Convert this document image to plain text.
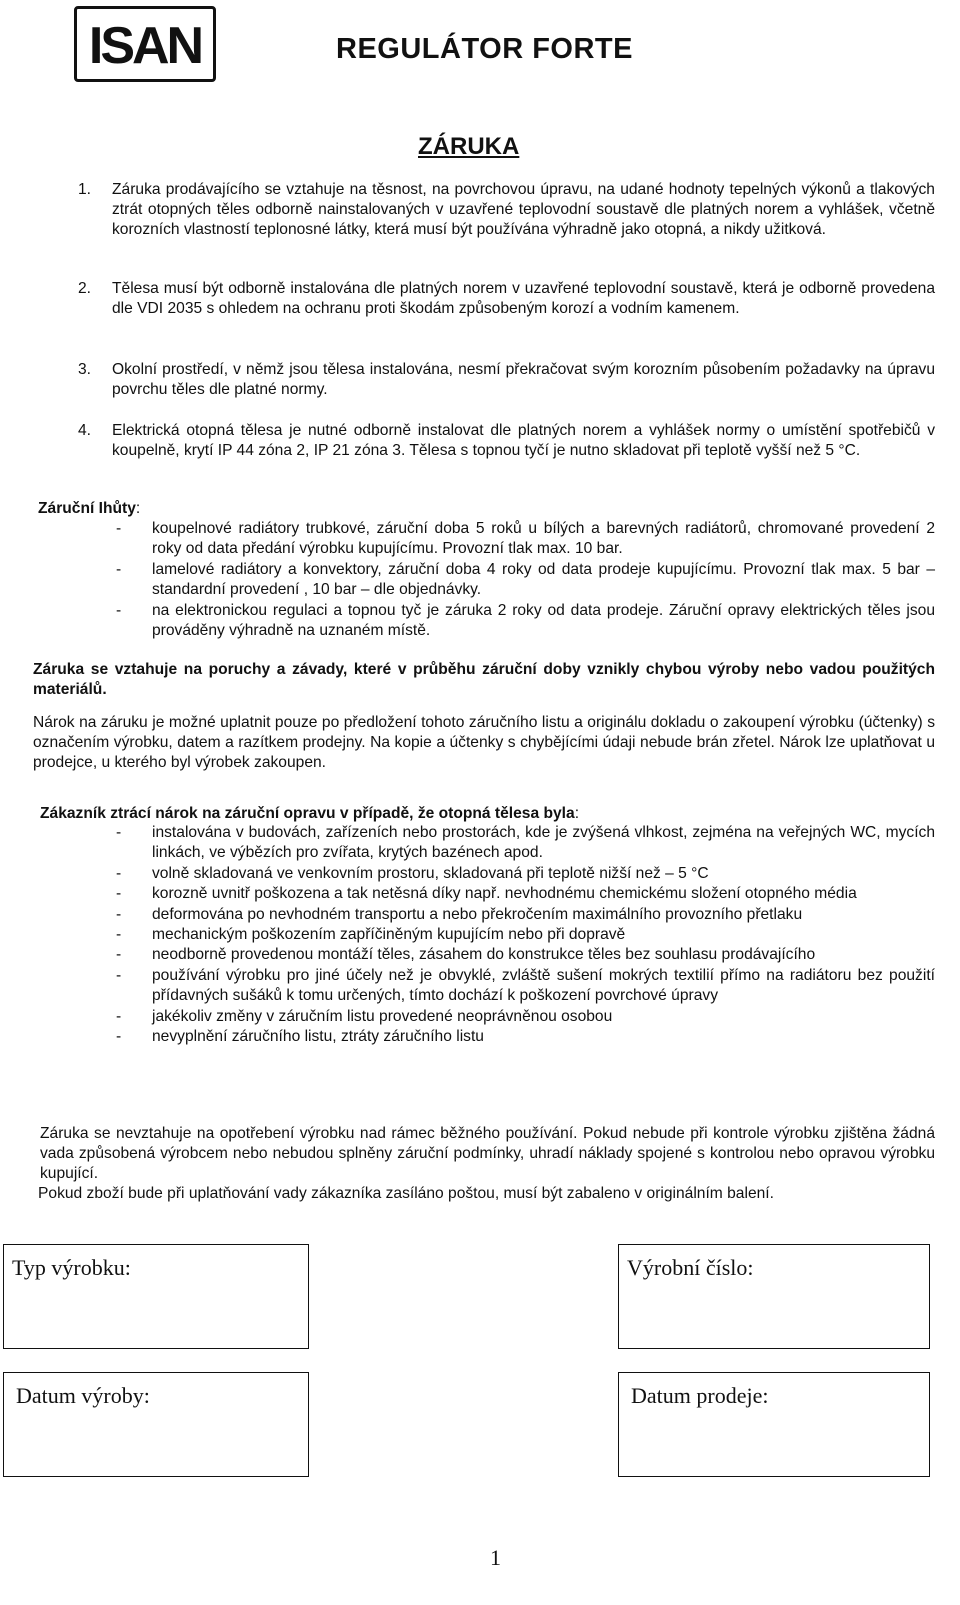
ISAN	REGULÁTOR FORTE
ZÁRUKA
1. Záruka prodávajícího se vztahuje na těsnost, na povrchovou úpravu, na udané hodnoty tepelných výkonů a tlakových ztrát otopných těles odborně nainstalovaných v uzavřené teplovodní soustavě dle platných norem a vyhlášek, včetně korozních vlastností teplonosné látky, která musí být používána výhradně jako otopná, a nikdy užitková.
2. Tělesa musí být odborně instalována dle platných norem v uzavřené teplovodní soustavě, která je odborně provedena dle VDI 2035 s ohledem na ochranu proti škodám způsobeným korozí a vodním kamenem.
3. Okolní prostředí, v němž jsou tělesa instalována, nesmí překračovat svým korozním působením požadavky na úpravu povrchu těles dle platné normy.
4. Elektrická otopná tělesa je nutné odborně instalovat dle platných norem a vyhlášek normy o umístění spotřebičů v koupelně, krytí IP 44 zóna 2, IP 21 zóna 3. Tělesa s topnou tyčí je nutno skladovat při teplotě vyšší než 5 °C.
Záruční Ihůty:
- koupelnové radiátory trubkové, záruční doba 5 roků u bílých a barevných radiátorů, chromované provedení 2 roky od data předání výrobku kupujícímu. Provozní tlak max. 10 bar.
- lamelové radiátory a konvektory, záruční doba 4 roky od data prodeje kupujícímu. Provozní tlak max. 5 bar – standardní provedení , 10 bar – dle objednávky.
- na elektronickou regulaci a topnou tyč je záruka 2 roky od data prodeje. Záruční opravy elektrických těles jsou prováděny výhradně na uznaném místě.
Záruka se vztahuje na poruchy a závady, které v průběhu záruční doby vznikly chybou výroby nebo vadou použitých materiálů.
Nárok na záruku je možné uplatnit pouze po předložení tohoto záručního listu a originálu dokladu o zakoupení výrobku (účtenky) s označením výrobku, datem a razítkem prodejny. Na kopie a účtenky s chybějícími údaji nebude brán zřetel. Nárok lze uplatňovat u prodejce, u kterého byl výrobek zakoupen.
Zákazník ztrácí nárok na záruční opravu v případě, že otopná tělesa byla:
- instalována v budovách, zařízeních nebo prostorách, kde je zvýšená vlhkost, zejména na veřejných WC, mycích linkách, ve výbězích pro zvířata, krytých bazénech apod.
- volně skladovaná ve venkovním prostoru, skladovaná při teplotě nižší než – 5 °C
- korozně uvnitř poškozena a tak netěsná díky např. nevhodnému chemickému složení otopného média
- deformována po nevhodném transportu a nebo překročením maximálního provozního přetlaku
- mechanickým poškozením zapříčiněným kupujícím nebo při dopravě
- neodborně provedenou montáží těles, zásahem do konstrukce těles bez souhlasu prodávajícího
- používání výrobku pro jiné účely než je obvyklé, zvláště sušení mokrých textilií přímo na radiátoru bez použití přídavných sušáků k tomu určených, tímto dochází k poškození povrchové úpravy
- jakékoliv změny v záručním listu provedené neoprávněnou osobou
- nevyplnění záručního listu, ztráty záručního listu
Záruka se nevztahuje na opotřebení výrobku nad rámec běžného používání. Pokud nebude při kontrole výrobku zjištěna žádná vada způsobená výrobcem nebo nebudou splněny záruční podmínky, uhradí náklady spojené s kontrolou nebo opravou výrobku kupující.
Pokud zboží bude při uplatňování vady zákazníka zasíláno poštou, musí být zabaleno v originálním balení.
Typ výrobku:	Výrobní číslo:
Datum výroby:	Datum prodeje:
1
